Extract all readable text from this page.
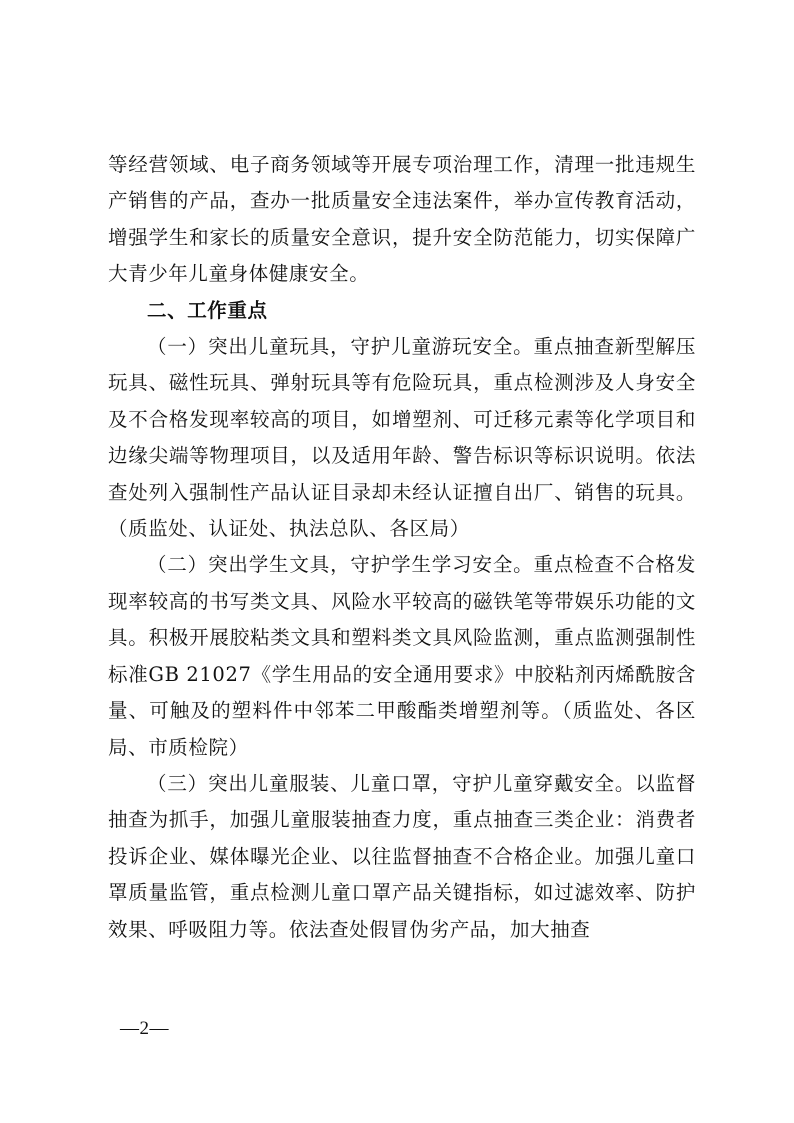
等经营领域、电子商务领域等开展专项治理工作，清理一批违规生产销售的产品，查办一批质量安全违法案件，举办宣传教育活动，增强学生和家长的质量安全意识，提升安全防范能力，切实保障广大青少年儿童身体健康安全。

二、工作重点

（一）突出儿童玩具，守护儿童游玩安全。重点抽查新型解压玩具、磁性玩具、弹射玩具等有危险玩具，重点检测涉及人身安全及不合格发现率较高的项目，如增塑剂、可迁移元素等化学项目和边缘尖端等物理项目，以及适用年龄、警告标识等标识说明。依法查处列入强制性产品认证目录却未经认证擅自出厂、销售的玩具。（质监处、认证处、执法总队、各区局）

（二）突出学生文具，守护学生学习安全。重点检查不合格发现率较高的书写类文具、风险水平较高的磁铁笔等带娱乐功能的文具。积极开展胶粘类文具和塑料类文具风险监测，重点监测强制性标准GB 21027《学生用品的安全通用要求》中胶粘剂丙烯酰胺含量、可触及的塑料件中邻苯二甲酸酯类增塑剂等。（质监处、各区局、市质检院）

（三）突出儿童服装、儿童口罩，守护儿童穿戴安全。以监督抽查为抓手，加强儿童服装抽查力度，重点抽查三类企业：消费者投诉企业、媒体曝光企业、以往监督抽查不合格企业。加强儿童口罩质量监管，重点检测儿童口罩产品关键指标，如过滤效率、防护效果、呼吸阻力等。依法查处假冒伪劣产品，加大抽查

—2—
